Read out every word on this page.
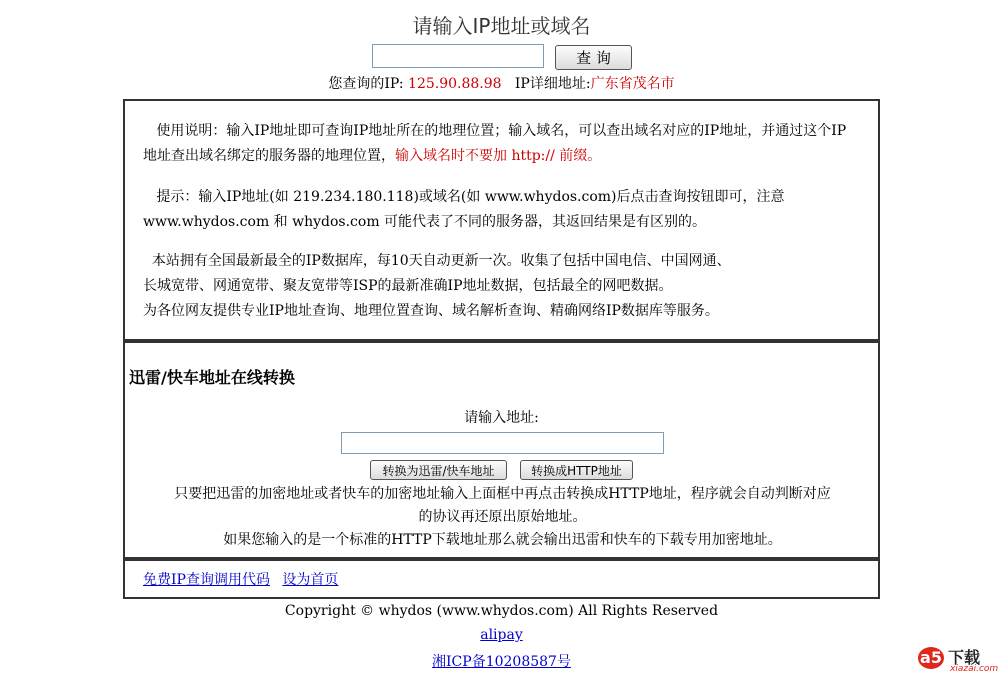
请输入IP地址或域名
查 询
您查询的IP: 125.90.88.98 IP详细地址:广东省茂名市

使用说明：输入IP地址即可查询IP地址所在的地理位置；输入域名，可以查出域名对应的IP地址，并通过这个IP地址查出域名绑定的服务器的地理位置，输入域名时不要加 http:// 前缀。

提示：输入IP地址(如 219.234.180.118)或域名(如 www.whydos.com)后点击查询按钮即可，注意 www.whydos.com 和 whydos.com 可能代表了不同的服务器，其返回结果是有区别的。

本站拥有全国最新最全的IP数据库，每10天自动更新一次。收集了包括中国电信、中国网通、
长城宽带、网通宽带、聚友宽带等ISP的最新准确IP地址数据，包括最全的网吧数据。
为各位网友提供专业IP地址查询、地理位置查询、域名解析查询、精确网络IP数据库等服务。

迅雷/快车地址在线转换
请输入地址:
转换为迅雷/快车地址	转换成HTTP地址
只要把迅雷的加密地址或者快车的加密地址输入上面框中再点击转换成HTTP地址，程序就会自动判断对应
的协议再还原出原始地址。
如果您输入的是一个标准的HTTP下载地址那么就会输出迅雷和快车的下载专用加密地址。
免费IP查询调用代码 设为首页
Copyright © whydos (www.whydos.com) All Rights Reserved
alipay
湘ICP备10208587号	a5 下载
xiazai.com
